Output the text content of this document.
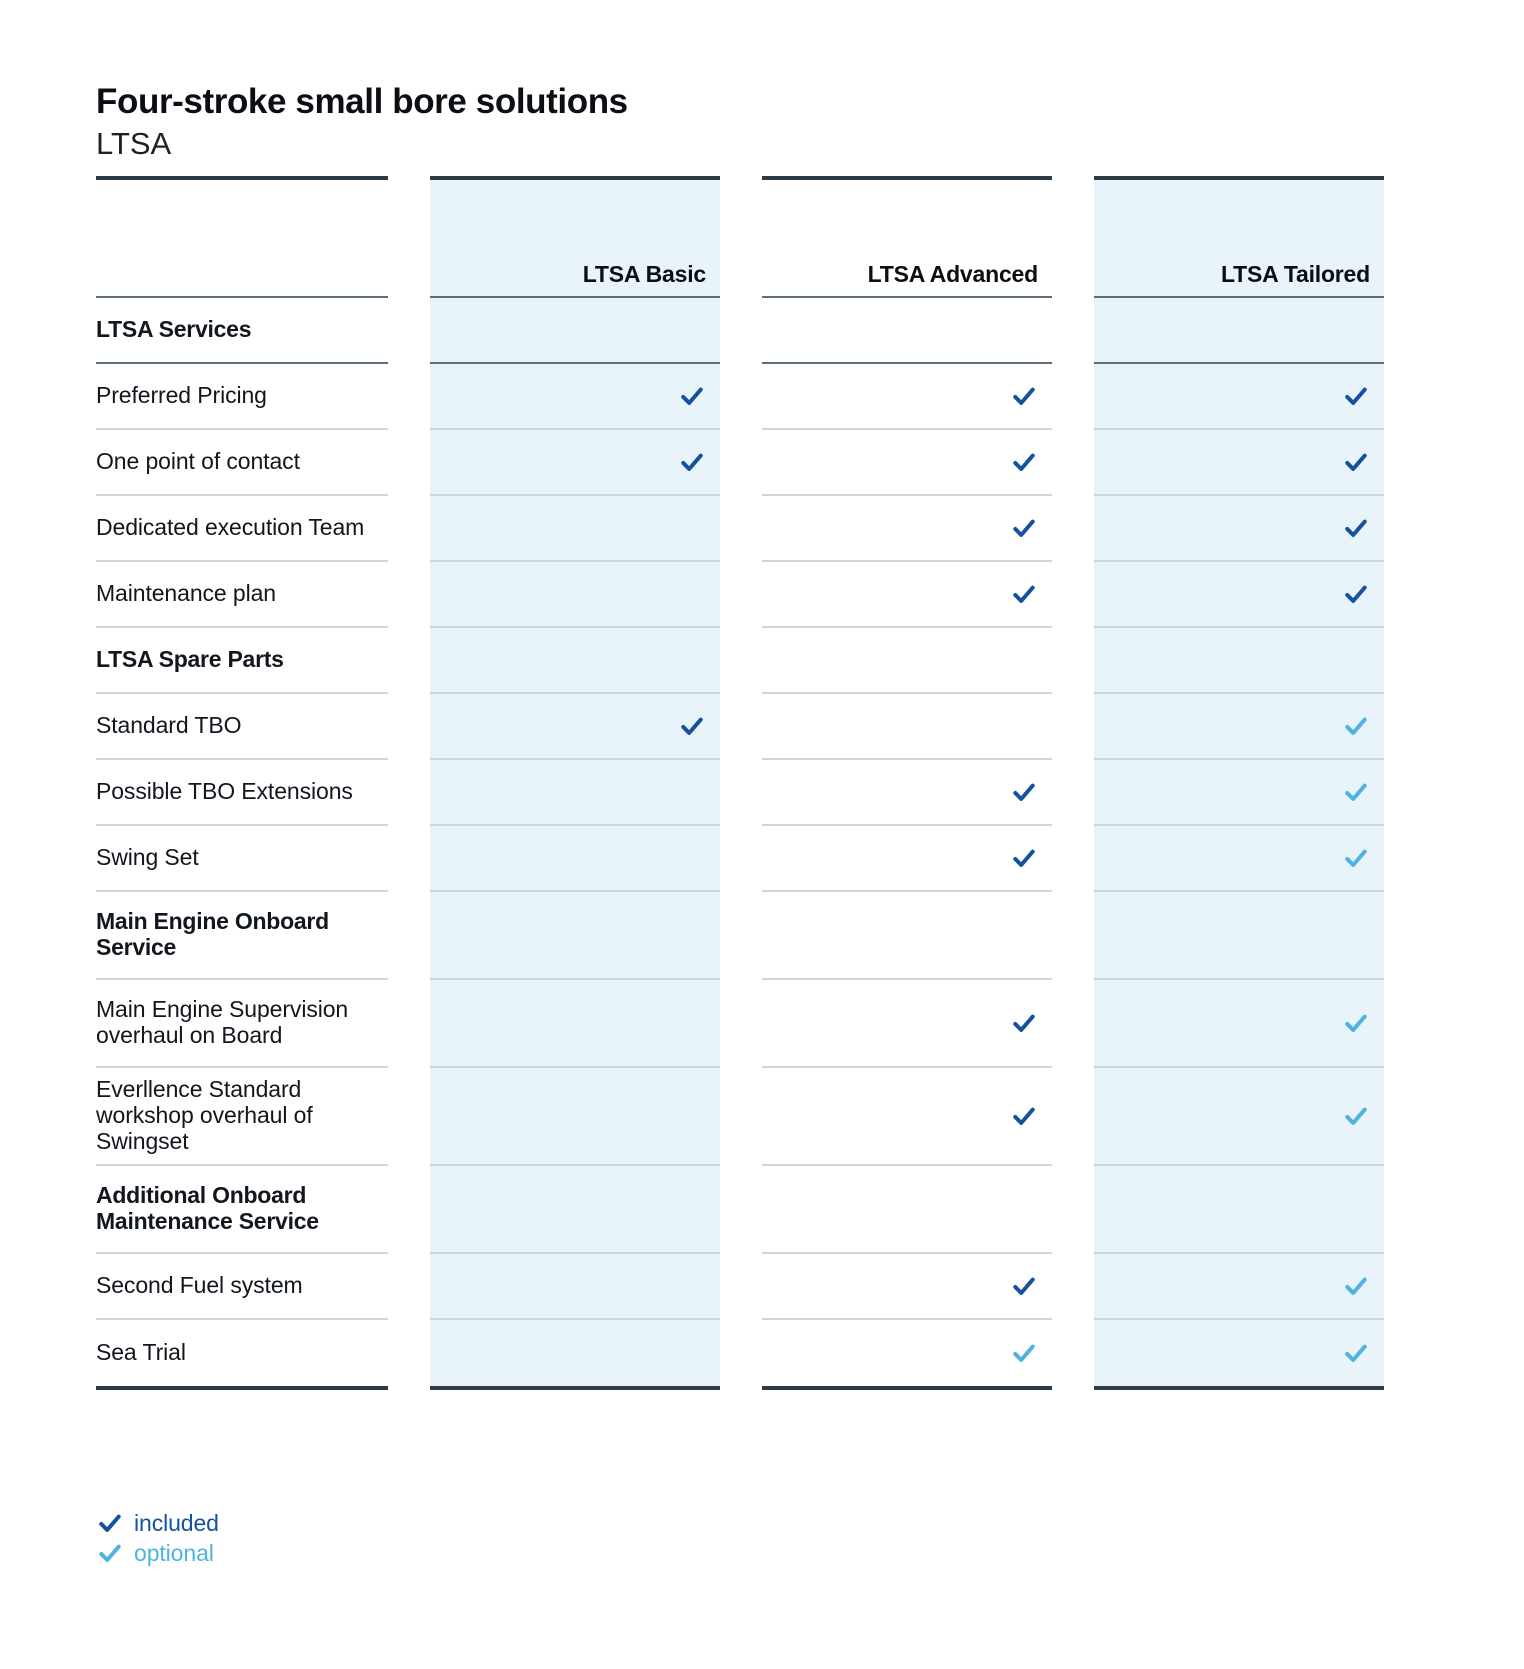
Four-stroke small bore solutions
LTSA
LTSA Basic	LTSA Advanced	LTSA Tailored
LTSA Services
Preferred Pricing
One point of contact
Dedicated execution Team
Maintenance plan
LTSA Spare Parts
Standard TBO
Possible TBO Extensions
Swing Set
Main Engine Onboard Service
Main Engine Supervision overhaul on Board
Everllence Standard workshop overhaul of Swingset
Additional Onboard Maintenance Service
Second Fuel system
Sea Trial
included
optional
